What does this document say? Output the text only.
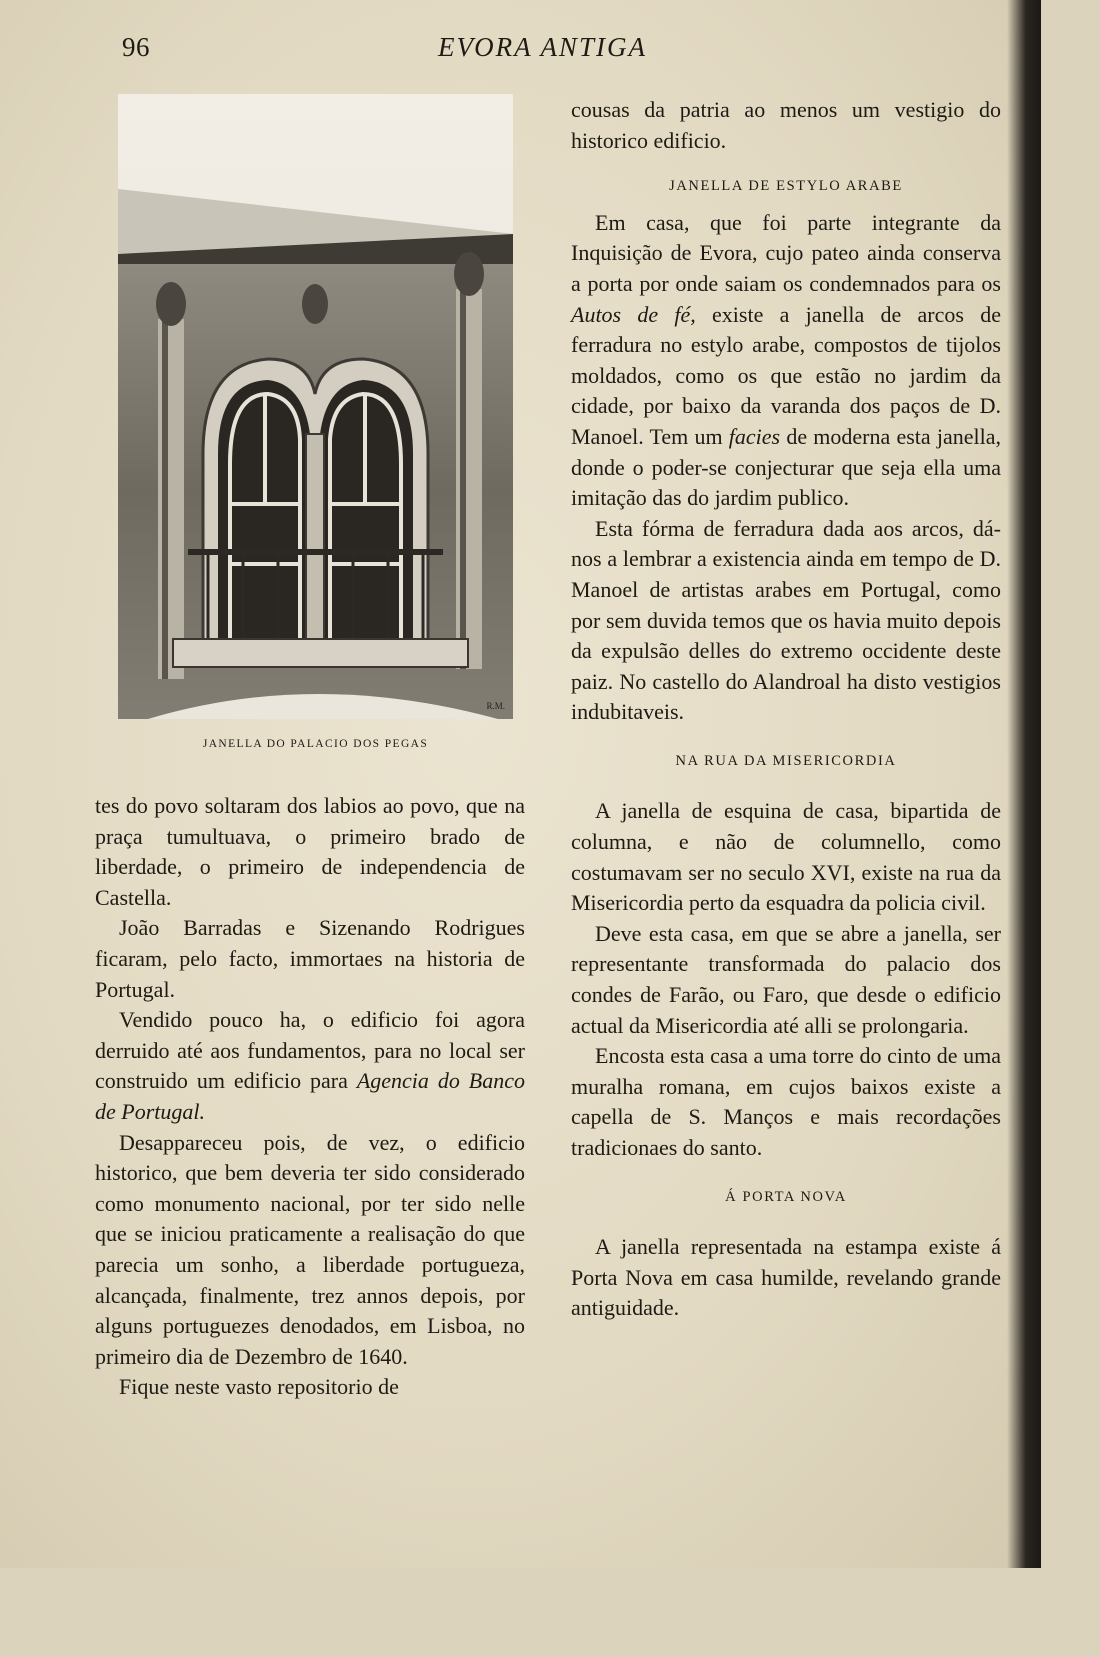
96	EVORA ANTIGA
R.M.
JANELLA DO PALACIO DOS PEGAS

tes do povo soltaram dos labios ao povo, que na praça tumultuava, o primeiro brado de liberdade, o primeiro de independencia de Castella.

João Barradas e Sizenando Rodrigues ficaram, pelo facto, immortaes na historia de Portugal.

Vendido pouco ha, o edificio foi agora derruido até aos fundamentos, para no local ser construido um edificio para Agencia do Banco de Portugal.

Desappareceu pois, de vez, o edificio historico, que bem deveria ter sido considerado como monumento nacional, por ter sido nelle que se iniciou praticamente a realisação do que parecia um sonho, a liberdade portugueza, alcançada, finalmente, trez annos depois, por alguns portuguezes denodados, em Lisboa, no primeiro dia de Dezembro de 1640.

Fique neste vasto repositorio de

cousas da patria ao menos um vestigio do historico edificio.

JANELLA DE ESTYLO ARABE

Em casa, que foi parte integrante da Inquisição de Evora, cujo pateo ainda conserva a porta por onde saiam os condemnados para os Autos de fé, existe a janella de arcos de ferradura no estylo arabe, compostos de tijolos moldados, como os que estão no jardim da cidade, por baixo da varanda dos paços de D. Manoel. Tem um facies de moderna esta janella, donde o poder-se conjecturar que seja ella uma imitação das do jardim publico.

Esta fórma de ferradura dada aos arcos, dá-nos a lembrar a existencia ainda em tempo de D. Manoel de artistas arabes em Portugal, como por sem duvida temos que os havia muito depois da expulsão delles do extremo occidente deste paiz. No castello do Alandroal ha disto vestigios indubitaveis.

NA RUA DA MISERICORDIA

A janella de esquina de casa, bipartida de columna, e não de columnello, como costumavam ser no seculo XVI, existe na rua da Misericordia perto da esquadra da policia civil.

Deve esta casa, em que se abre a janella, ser representante transformada do palacio dos condes de Farão, ou Faro, que desde o edificio actual da Misericordia até alli se prolongaria.

Encosta esta casa a uma torre do cinto de uma muralha romana, em cujos baixos existe a capella de S. Manços e mais recordações tradicionaes do santo.

Á PORTA NOVA

A janella representada na estampa existe á Porta Nova em casa humilde, revelando grande antiguidade.
